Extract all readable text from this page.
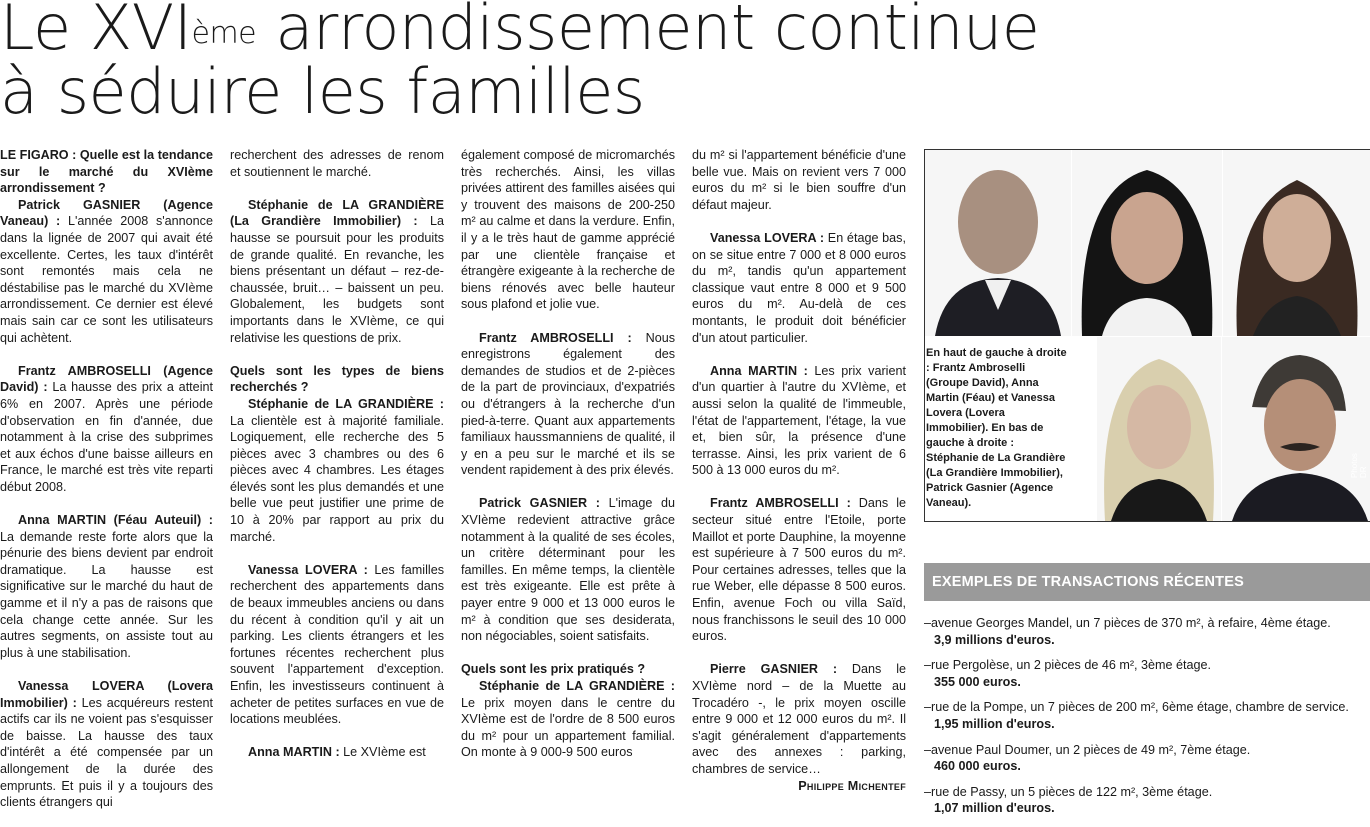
Le XVIème arrondissement continue
à séduire les familles

LE FIGARO : Quelle est la tendance sur le marché du XVIème arrondissement ?

Patrick GASNIER (Agence Vaneau) : L'année 2008 s'annonce dans la lignée de 2007 qui avait été excellente. Certes, les taux d'intérêt sont remontés mais cela ne déstabilise pas le marché du XVIème arrondissement. Ce dernier est élevé mais sain car ce sont les utilisateurs qui achètent.

Frantz AMBROSELLI (Agence David) : La hausse des prix a atteint 6% en 2007. Après une période d'observation en fin d'année, due notamment à la crise des subprimes et aux échos d'une baisse ailleurs en France, le marché est très vite reparti début 2008.

Anna MARTIN (Féau Auteuil) : La demande reste forte alors que la pénurie des biens devient par endroit dramatique. La hausse est significative sur le marché du haut de gamme et il n'y a pas de raisons que cela change cette année. Sur les autres segments, on assiste tout au plus à une stabilisation.

Vanessa LOVERA (Lovera Immobilier) : Les acquéreurs restent actifs car ils ne voient pas s'esquisser de baisse. La hausse des taux d'intérêt a été compensée par un allongement de la durée des emprunts. Et puis il y a toujours des clients étrangers qui

recherchent des adresses de renom et soutiennent le marché.

Stéphanie de LA GRANDIÈRE (La Grandière Immobilier) : La hausse se poursuit pour les produits de grande qualité. En revanche, les biens présentant un défaut – rez-de-chaussée, bruit… – baissent un peu. Globalement, les budgets sont importants dans le XVIème, ce qui relativise les questions de prix.

Quels sont les types de biens recherchés ?

Stéphanie de LA GRANDIÈRE : La clientèle est à majorité familiale. Logiquement, elle recherche des 5 pièces avec 3 chambres ou des 6 pièces avec 4 chambres. Les étages élevés sont les plus demandés et une belle vue peut justifier une prime de 10 à 20% par rapport au prix du marché.

Vanessa LOVERA : Les familles recherchent des appartements dans de beaux immeubles anciens ou dans du récent à condition qu'il y ait un parking. Les clients étrangers et les fortunes récentes recherchent plus souvent l'appartement d'exception. Enfin, les investisseurs continuent à acheter de petites surfaces en vue de locations meublées.

Anna MARTIN : Le XVIème est

également composé de micromarchés très recherchés. Ainsi, les villas privées attirent des familles aisées qui y trouvent des maisons de 200-250 m² au calme et dans la verdure. Enfin, il y a le très haut de gamme apprécié par une clientèle française et étrangère exigeante à la recherche de biens rénovés avec belle hauteur sous plafond et jolie vue.

Frantz AMBROSELLI : Nous enregistrons également des demandes de studios et de 2-pièces de la part de provinciaux, d'expatriés ou d'étrangers à la recherche d'un pied-à-terre. Quant aux appartements familiaux haussmanniens de qualité, il y en a peu sur le marché et ils se vendent rapidement à des prix élevés.

Patrick GASNIER : L'image du XVIème redevient attractive grâce notamment à la qualité de ses écoles, un critère déterminant pour les familles. En même temps, la clientèle est très exigeante. Elle est prête à payer entre 9 000 et 13 000 euros le m² à condition que ses desiderata, non négociables, soient satisfaits.

Quels sont les prix pratiqués ?

Stéphanie de LA GRANDIÈRE : Le prix moyen dans le centre du XVIème est de l'ordre de 8 500 euros du m² pour un appartement familial. On monte à 9 000-9 500 euros

du m² si l'appartement bénéficie d'une belle vue. Mais on revient vers 7 000 euros du m² si le bien souffre d'un défaut majeur.

Vanessa LOVERA : En étage bas, on se situe entre 7 000 et 8 000 euros du m², tandis qu'un appartement classique vaut entre 8 000 et 9 500 euros du m². Au-delà de ces montants, le produit doit bénéficier d'un atout particulier.

Anna MARTIN : Les prix varient d'un quartier à l'autre du XVIème, et aussi selon la qualité de l'immeuble, l'état de l'appartement, l'étage, la vue et, bien sûr, la présence d'une terrasse. Ainsi, les prix varient de 6 500 à 13 000 euros du m².

Frantz AMBROSELLI : Dans le secteur situé entre l'Etoile, porte Maillot et porte Dauphine, la moyenne est supérieure à 7 500 euros du m². Pour certaines adresses, telles que la rue Weber, elle dépasse 8 500 euros. Enfin, avenue Foch ou villa Saïd, nous franchissons le seuil des 10 000 euros.

Pierre GASNIER : Dans le XVIème nord – de la Muette au Trocadéro -, le prix moyen oscille entre 9 000 et 12 000 euros du m². Il s'agit généralement d'appartements avec des annexes : parking, chambres de service…

Philippe Michentef
En haut de gauche à droite : Frantz Ambroselli (Groupe David), Anna Martin (Féau) et Vanessa Lovera (Lovera Immobilier). En bas de gauche à droite : Stéphanie de La Grandière (La Grandière Immobilier), Patrick Gasnier (Agence Vaneau).
Photos DR
EXEMPLES DE TRANSACTIONS RÉCENTES
–avenue Georges Mandel, un 7 pièces de 370 m², à refaire, 4ème étage.
3,9 millions d'euros.
–rue Pergolèse, un 2 pièces de 46 m², 3ème étage.
355 000 euros.
–rue de la Pompe, un 7 pièces de 200 m², 6ème étage, chambre de service.
1,95 million d'euros.
–avenue Paul Doumer, un 2 pièces de 49 m², 7ème étage.
460 000 euros.
–rue de Passy, un 5 pièces de 122 m², 3ème étage.
1,07 million d'euros.
